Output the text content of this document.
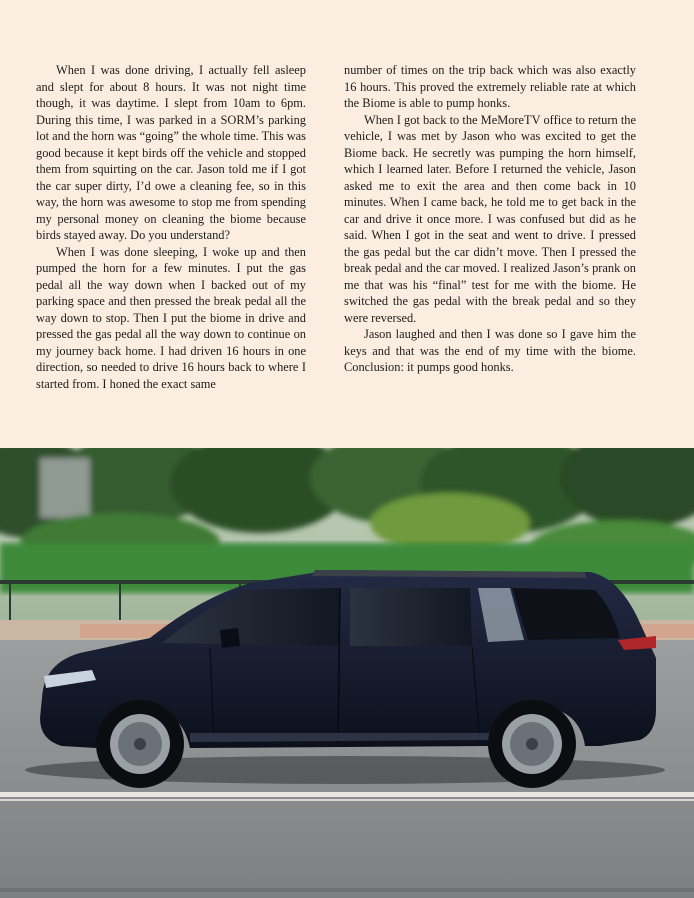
When I was done driving, I actually fell asleep and slept for about 8 hours. It was not night time though, it was daytime. I slept from 10am to 6pm. During this time, I was parked in a SORM’s parking lot and the horn was “going” the whole time. This was good because it kept birds off the vehicle and stopped them from squirting on the car. Jason told me if I got the car super dirty, I’d owe a cleaning fee, so in this way, the horn was awesome to stop me from spending my personal money on cleaning the biome because birds stayed away. Do you understand?

When I was done sleeping, I woke up and then pumped the horn for a few minutes. I put the gas pedal all the way down when I backed out of my parking space and then pressed the break pedal all the way down to stop. Then I put the biome in drive and pressed the gas pedal all the way down to continue on my journey back home. I had driven 16 hours in one direction, so needed to drive 16 hours back to where I started from. I honed the exact same

number of times on the trip back which was also exactly 16 hours. This proved the extremely reliable rate at which the Biome is able to pump honks.

When I got back to the MeMoreTV office to return the vehicle, I was met by Jason who was excited to get the Biome back. He secretly was pumping the horn himself, which I learned later. Before I returned the vehicle, Jason asked me to exit the area and then come back in 10 minutes. When I came back, he told me to get back in the car and drive it once more. I was confused but did as he said. When I got in the seat and went to drive. I pressed the gas pedal but the car didn’t move. Then I pressed the break pedal and the car moved. I realized Jason’s prank on me that was his “final” test for me with the biome. He switched the gas pedal with the break pedal and so they were reversed.

Jason laughed and then I was done so I gave him the keys and that was the end of my time with the biome. Conclusion: it pumps good honks.
